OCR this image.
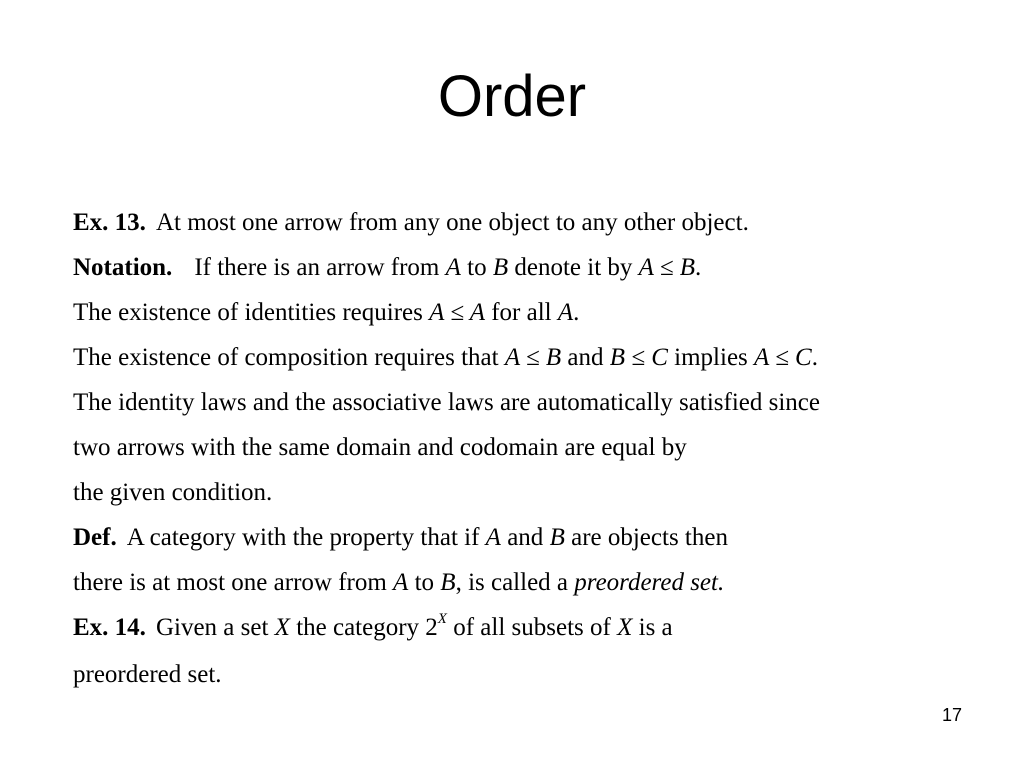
Order
Ex. 13. At most one arrow from any one object to any other object.
Notation. If there is an arrow from A to B denote it by A ≤ B.
The existence of identities requires A ≤ A for all A.
The existence of composition requires that A ≤ B and B ≤ C implies A ≤ C.
The identity laws and the associative laws are automatically satisfied since
two arrows with the same domain and codomain are equal by
the given condition.
Def. A category with the property that if A and B are objects then
there is at most one arrow from A to B, is called a preordered set.
Ex. 14. Given a set X the category $2^X$ of all subsets of X is a
preordered set.
17
